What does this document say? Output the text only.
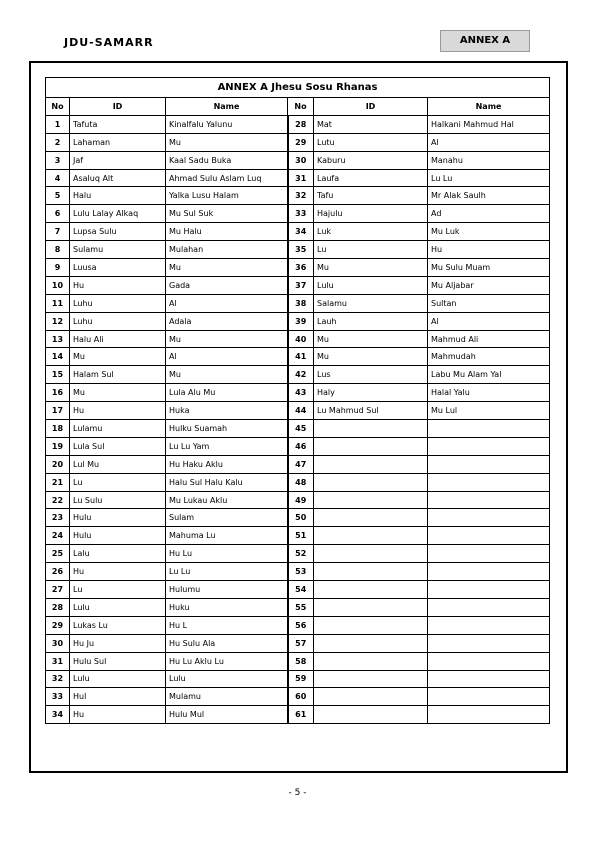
JDU-SAMARR	ANNEX A
ANNEX A Jhesu Sosu Rhanas					
No	ID	Name	No	ID	Name
1	Tafuta	Kinalfalu Yalunu	28	Mat	Halkani Mahmud Hal
2	Lahaman	Mu	29	Lutu	Al
3	Jaf	Kaal Sadu Buka	30	Kaburu	Manahu
4	Asaluq Alt	Ahmad Sulu Aslam Luq	31	Laufa	Lu Lu
5	Halu	Yalka Lusu Halam	32	Tafu	Mr Alak Saulh
6	Lulu Lalay Alkaq	Mu Sul Suk	33	Hajulu	Ad
7	Lupsa Sulu	Mu Halu	34	Luk	Mu Luk
8	Sulamu	Mulahan	35	Lu	Hu
9	Luusa	Mu	36	Mu	Mu Sulu Muam
10	Hu	Gada	37	Lulu	Mu Aljabar
11	Luhu	Al	38	Salamu	Sultan
12	Luhu	Adala	39	Lauh	Al
13	Halu Ali	Mu	40	Mu	Mahmud Ali
14	Mu	Al	41	Mu	Mahmudah
15	Halam Sul	Mu	42	Lus	Labu Mu Alam Yal
16	Mu	Lula Alu Mu	43	Haly	Halal Yalu
17	Hu	Huka	44	Lu Mahmud Sul	Mu Lul
18	Lulamu	Hulku Suamah	45		
19	Lula Sul	Lu Lu Yam	46		
20	Lul Mu	Hu Haku Aklu	47		
21	Lu	Halu Sul Halu Kalu	48		
22	Lu Sulu	Mu Lukau Aklu	49		
23	Hulu	Sulam	50		
24	Hulu	Mahuma Lu	51		
25	Lalu	Hu Lu	52		
26	Hu	Lu Lu	53		
27	Lu	Hulumu	54		
28	Lulu	Huku	55		
29	Lukas Lu	Hu L	56		
30	Hu Ju	Hu Sulu Ala	57		
31	Hulu Sul	Hu Lu Aklu Lu	58		
32	Lulu	Lulu	59		
33	Hul	Mulamu	60		
34	Hu	Hulu Mul	61		
- 5 -
